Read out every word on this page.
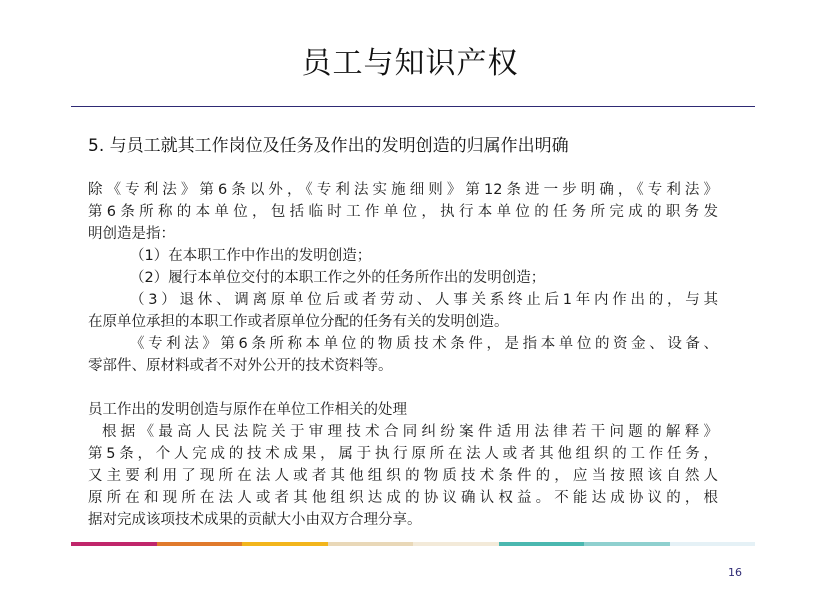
员工与知识产权
5. 与员工就其工作岗位及任务及作出的发明创造的归属作出明确
除《专利法》第6条以外，《专利法实施细则》第12条进一步明确，《专利法》
第6条所称的本单位，包括临时工作单位，执行本单位的任务所完成的职务发
明创造是指：
（1）在本职工作中作出的发明创造；
（2）履行本单位交付的本职工作之外的任务所作出的发明创造；
（3）退休、调离原单位后或者劳动、人事关系终止后1年内作出的，与其
在原单位承担的本职工作或者原单位分配的任务有关的发明创造。
《专利法》第6条所称本单位的物质技术条件，是指本单位的资金、设备、
零部件、原材料或者不对外公开的技术资料等。
员工作出的发明创造与原作在单位工作相关的处理
根据《最高人民法院关于审理技术合同纠纷案件适用法律若干问题的解释》
第5条，个人完成的技术成果，属于执行原所在法人或者其他组织的工作任务，
又主要利用了现所在法人或者其他组织的物质技术条件的，应当按照该自然人
原所在和现所在法人或者其他组织达成的协议确认权益。不能达成协议的，根
据对完成该项技术成果的贡献大小由双方合理分享。
16
